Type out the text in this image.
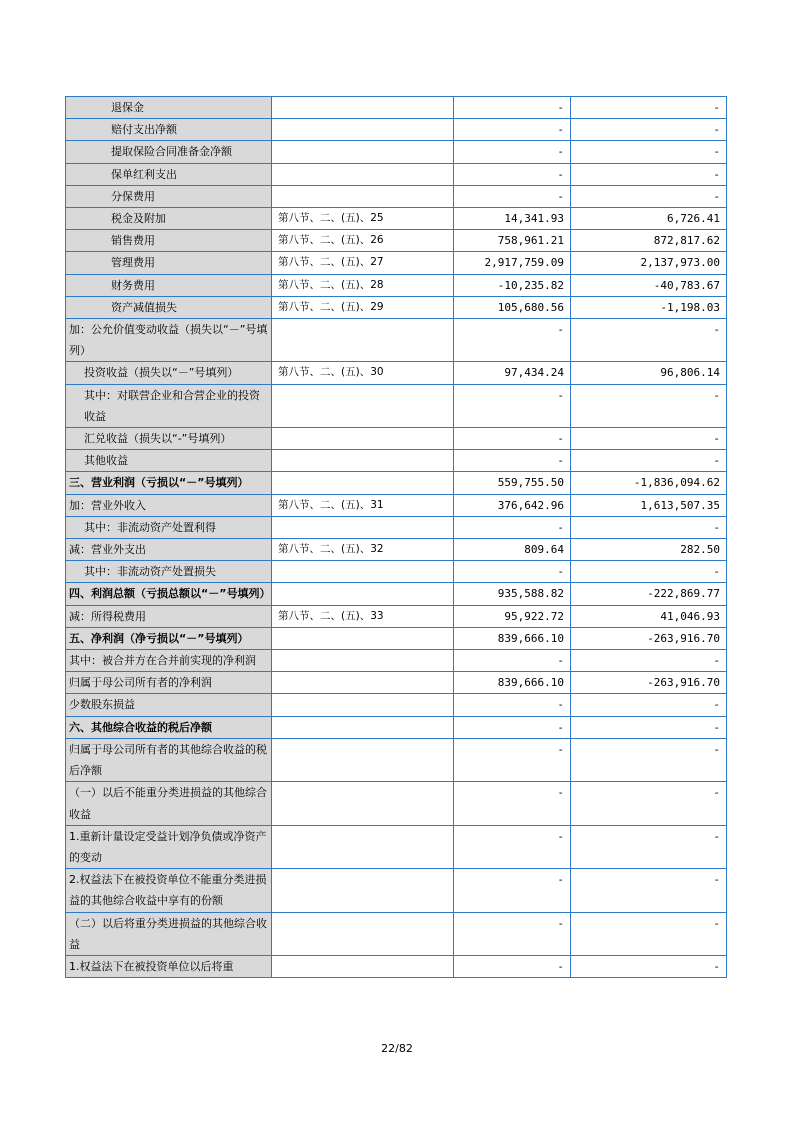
退保金		-	-
赔付支出净额		-	-
提取保险合同准备金净额		-	-
保单红利支出		-	-
分保费用		-	-
税金及附加	第八节、二、(五)、25	14,341.93	6,726.41
销售费用	第八节、二、(五)、26	758,961.21	872,817.62
管理费用	第八节、二、(五)、27	2,917,759.09	2,137,973.00
财务费用	第八节、二、(五)、28	-10,235.82	-40,783.67
资产减值损失	第八节、二、(五)、29	105,680.56	-1,198.03
加：公允价值变动收益（损失以“－”号填列）		-	-
投资收益（损失以“－”号填列）	第八节、二、(五)、30	97,434.24	96,806.14
其中：对联营企业和合营企业的投资收益		-	-
汇兑收益（损失以“-”号填列）		-	-
其他收益		-	-
三、营业利润（亏损以“－”号填列）		559,755.50	-1,836,094.62
加：营业外收入	第八节、二、(五)、31	376,642.96	1,613,507.35
其中：非流动资产处置利得		-	-
减：营业外支出	第八节、二、(五)、32	809.64	282.50
其中：非流动资产处置损失		-	-
四、利润总额（亏损总额以“－”号填列）		935,588.82	-222,869.77
减：所得税费用	第八节、二、(五)、33	95,922.72	41,046.93
五、净利润（净亏损以“－”号填列）		839,666.10	-263,916.70
其中：被合并方在合并前实现的净利润		-	-
归属于母公司所有者的净利润		839,666.10	-263,916.70
少数股东损益		-	-
六、其他综合收益的税后净额		-	-
归属于母公司所有者的其他综合收益的税后净额		-	-
（一）以后不能重分类进损益的其他综合收益		-	-
1.重新计量设定受益计划净负债或净资产的变动		-	-
2.权益法下在被投资单位不能重分类进损益的其他综合收益中享有的份额		-	-
（二）以后将重分类进损益的其他综合收益		-	-
1.权益法下在被投资单位以后将重		-	-
22/82
